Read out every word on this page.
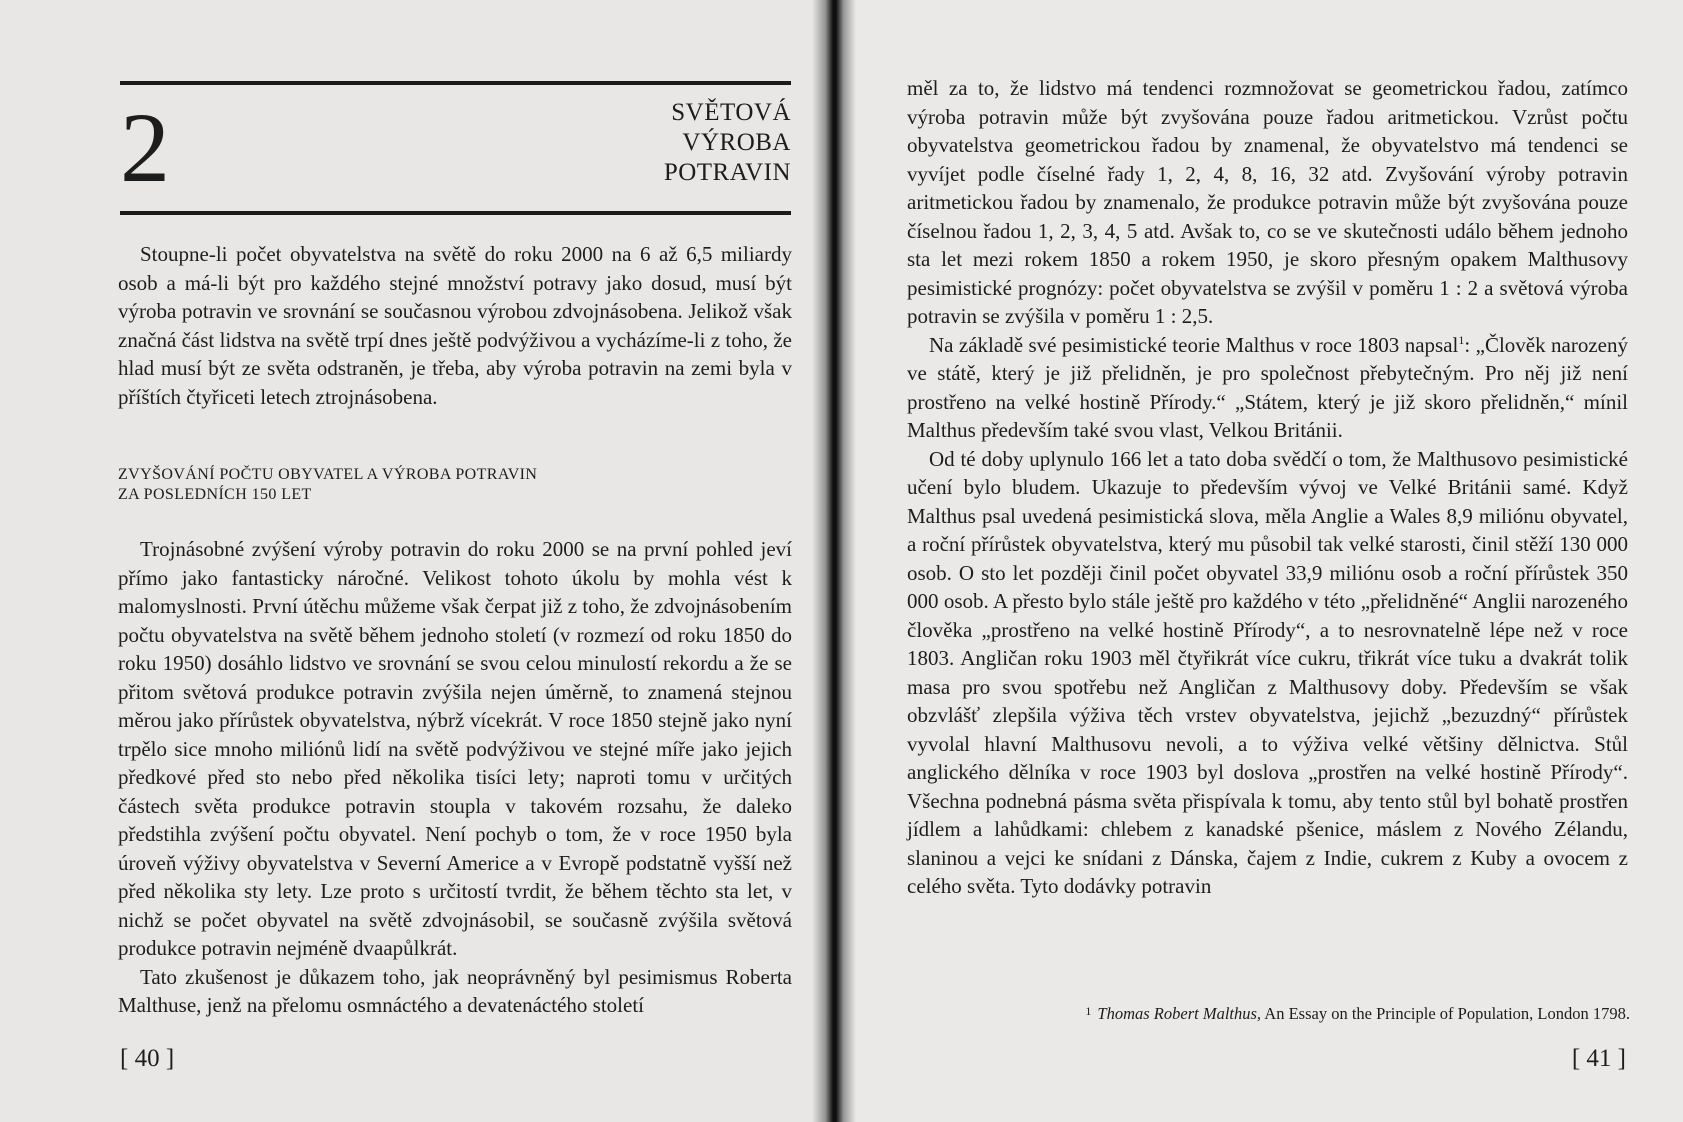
2	SVĚTOVÁ
VÝROBA
POTRAVIN

Stoupne-li počet obyvatelstva na světě do roku 2000 na 6 až 6,5 miliardy osob a má-li být pro každého stejné množství potravy jako dosud, musí být výroba potravin ve srovnání se současnou výrobou zdvojnásobena. Jelikož však značná část lidstva na světě trpí dnes ještě podvýživou a vycházíme-li z toho, že hlad musí být ze světa odstraněn, je třeba, aby výroba potravin na zemi byla v příštích čtyřiceti letech ztrojnásobena.

ZVYŠOVÁNÍ POČTU OBYVATEL A VÝROBA POTRAVIN
ZA POSLEDNÍCH 150 LET

Trojnásobné zvýšení výroby potravin do roku 2000 se na první pohled jeví přímo jako fantasticky náročné. Velikost tohoto úkolu by mohla vést k malomyslnosti. První útěchu můžeme však čerpat již z toho, že zdvojnásobením počtu obyvatelstva na světě během jednoho století (v rozmezí od roku 1850 do roku 1950) dosáhlo lidstvo ve srovnání se svou celou minulostí rekordu a že se přitom světová produkce potravin zvýšila nejen úměrně, to znamená stejnou měrou jako přírůstek obyvatelstva, nýbrž vícekrát. V roce 1850 stejně jako nyní trpělo sice mnoho miliónů lidí na světě podvýživou ve stejné míře jako jejich předkové před sto nebo před několika tisíci lety; naproti tomu v určitých částech světa produkce potravin stoupla v takovém rozsahu, že daleko předstihla zvýšení počtu obyvatel. Není pochyb o tom, že v roce 1950 byla úroveň výživy obyvatelstva v Severní Americe a v Evropě podstatně vyšší než před několika sty lety. Lze proto s určitostí tvrdit, že během těchto sta let, v nichž se počet obyvatel na světě zdvojnásobil, se současně zvýšila světová produkce potravin nejméně dvaapůlkrát.

Tato zkušenost je důkazem toho, jak neoprávněný byl pesimismus Roberta Malthuse, jenž na přelomu osmnáctého a devatenáctého století

[ 40 ]

měl za to, že lidstvo má tendenci rozmnožovat se geometrickou řadou, zatímco výroba potravin může být zvyšována pouze řadou aritmetickou. Vzrůst počtu obyvatelstva geometrickou řadou by znamenal, že obyvatelstvo má tendenci se vyvíjet podle číselné řady 1, 2, 4, 8, 16, 32 atd. Zvyšování výroby potravin aritmetickou řadou by znamenalo, že produkce potravin může být zvyšována pouze číselnou řadou 1, 2, 3, 4, 5 atd. Avšak to, co se ve skutečnosti událo během jednoho sta let mezi rokem 1850 a rokem 1950, je skoro přesným opakem Malthusovy pesimistické prognózy: počet obyvatelstva se zvýšil v poměru 1 : 2 a světová výroba potravin se zvýšila v poměru 1 : 2,5.

Na základě své pesimistické teorie Malthus v roce 1803 napsal$^1$: „Člověk narozený ve státě, který je již přelidněn, je pro společnost přebytečným. Pro něj již není prostřeno na velké hostině Přírody.“ „Státem, který je již skoro přelidněn,“ mínil Malthus především také svou vlast, Velkou Británii.

Od té doby uplynulo 166 let a tato doba svědčí o tom, že Malthusovo pesimistické učení bylo bludem. Ukazuje to především vývoj ve Velké Británii samé. Když Malthus psal uvedená pesimistická slova, měla Anglie a Wales 8,9 miliónu obyvatel, a roční přírůstek obyvatelstva, který mu působil tak velké starosti, činil stěží 130 000 osob. O sto let později činil počet obyvatel 33,9 miliónu osob a roční přírůstek 350 000 osob. A přesto bylo stále ještě pro každého v této „přelidněné“ Anglii narozeného člověka „prostřeno na velké hostině Přírody“, a to nesrovnatelně lépe než v roce 1803. Angličan roku 1903 měl čtyřikrát více cukru, třikrát více tuku a dvakrát tolik masa pro svou spotřebu než Angličan z Malthusovy doby. Především se však obzvlášť zlepšila výživa těch vrstev obyvatelstva, jejichž „bezuzdný“ přírůstek vyvolal hlavní Malthusovu nevoli, a to výživa velké většiny dělnictva. Stůl anglického dělníka v roce 1903 byl doslova „prostřen na velké hostině Přírody“. Všechna podnebná pásma světa přispívala k tomu, aby tento stůl byl bohatě prostřen jídlem a lahůdkami: chlebem z kanadské pšenice, máslem z Nového Zélandu, slaninou a vejci ke snídani z Dánska, čajem z Indie, cukrem z Kuby a ovocem z celého světa. Tyto dodávky potravin

$^1$ Thomas Robert Malthus, An Essay on the Principle of Population, London 1798.
[ 41 ]
